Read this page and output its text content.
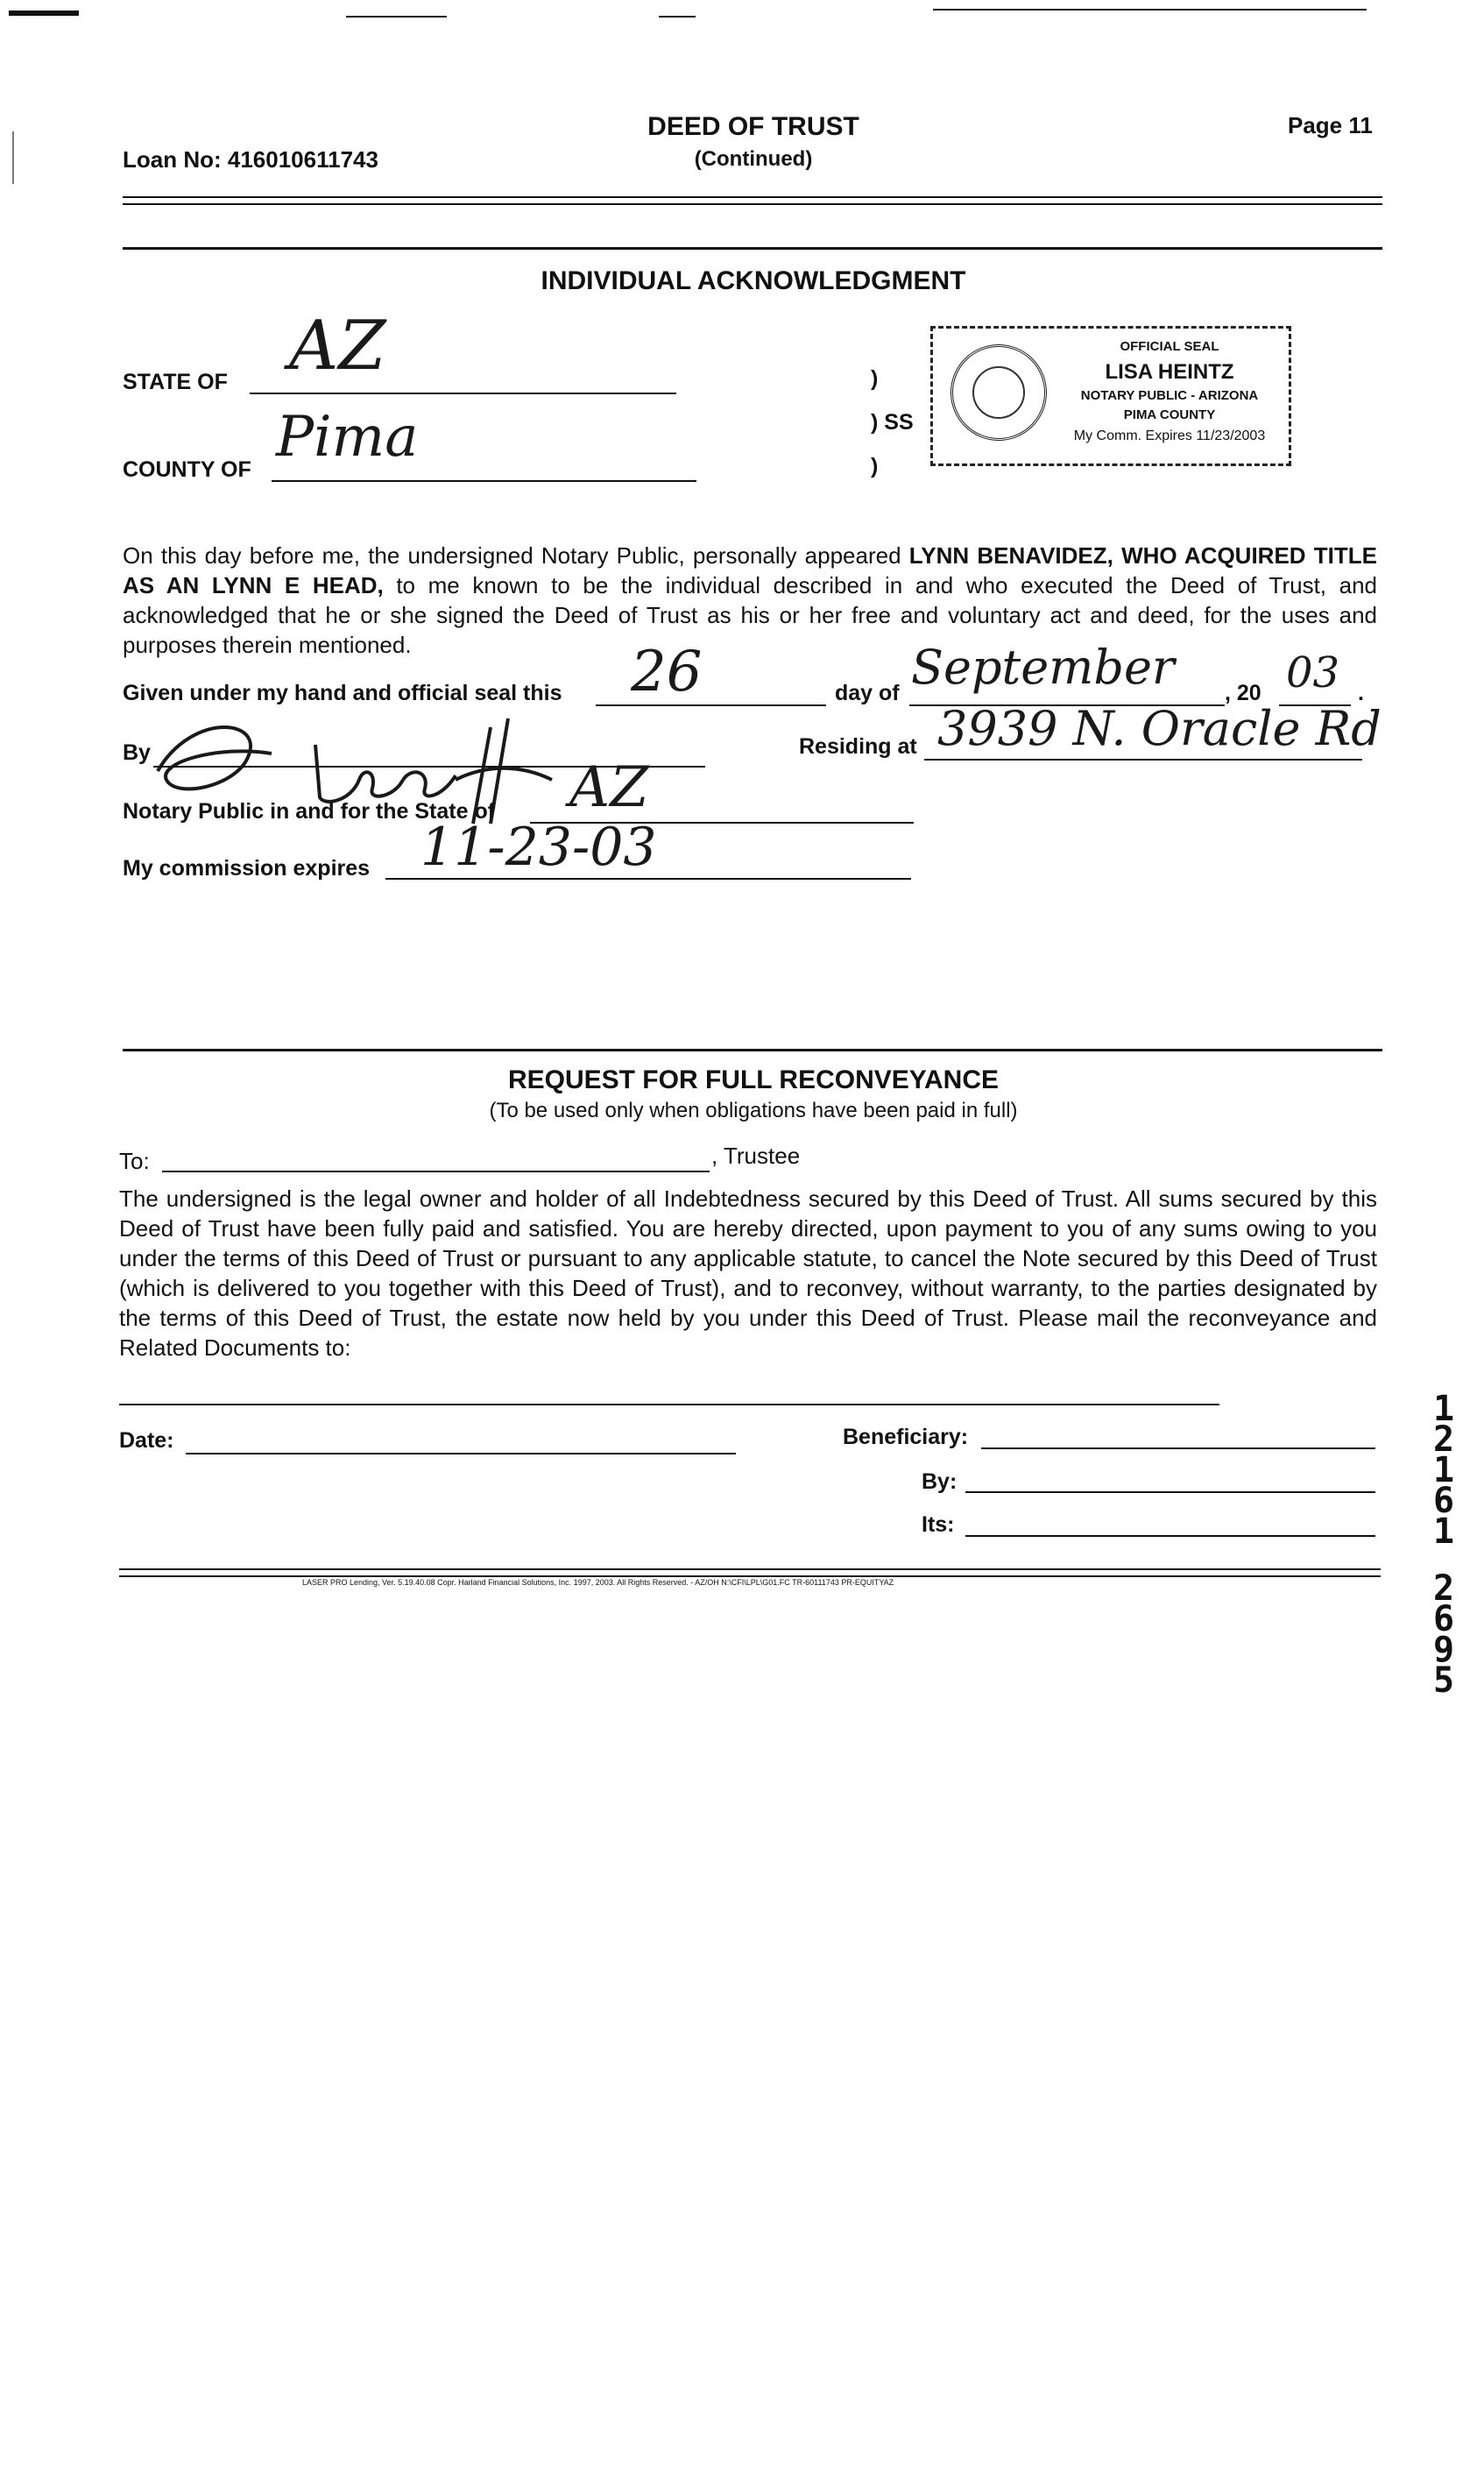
Loan No: 416010611743
DEED OF TRUST
(Continued)
Page 11
INDIVIDUAL ACKNOWLEDGMENT
STATE OF AZ
COUNTY OF Pima
)
) SS
)
OFFICIAL SEAL
LISA HEINTZ
NOTARY PUBLIC - ARIZONA
PIMA COUNTY
My Comm. Expires 11/23/2003
On this day before me, the undersigned Notary Public, personally appeared LYNN BENAVIDEZ, WHO ACQUIRED TITLE AS AN LYNN E HEAD, to me known to be the individual described in and who executed the Deed of Trust, and acknowledged that he or she signed the Deed of Trust as his or her free and voluntary act and deed, for the uses and purposes therein mentioned.
Given under my hand and official seal this 26	day of September , 20 03 .
By	Residing at 3939 N. Oracle Rd
Notary Public in and for the State of AZ
My commission expires 11-23-03
REQUEST FOR FULL RECONVEYANCE
(To be used only when obligations have been paid in full)
To:	, Trustee
The undersigned is the legal owner and holder of all Indebtedness secured by this Deed of Trust. All sums secured by this Deed of Trust have been fully paid and satisfied. You are hereby directed, upon payment to you of any sums owing to you under the terms of this Deed of Trust or pursuant to any applicable statute, to cancel the Note secured by this Deed of Trust (which is delivered to you together with this Deed of Trust), and to reconvey, without warranty, to the parties designated by the terms of this Deed of Trust, the estate now held by you under this Deed of Trust. Please mail the reconveyance and Related Documents to:
Date:	Beneficiary:
By:
Its:
LASER PRO Lending, Ver. 5.19.40.08 Copr. Harland Financial Solutions, Inc. 1997, 2003. All Rights Reserved. - AZ/OH N:\CFI\LPL\G01.FC TR-60111743 PR-EQUITYAZ
1
2
1
6
1
2
6
9
5
